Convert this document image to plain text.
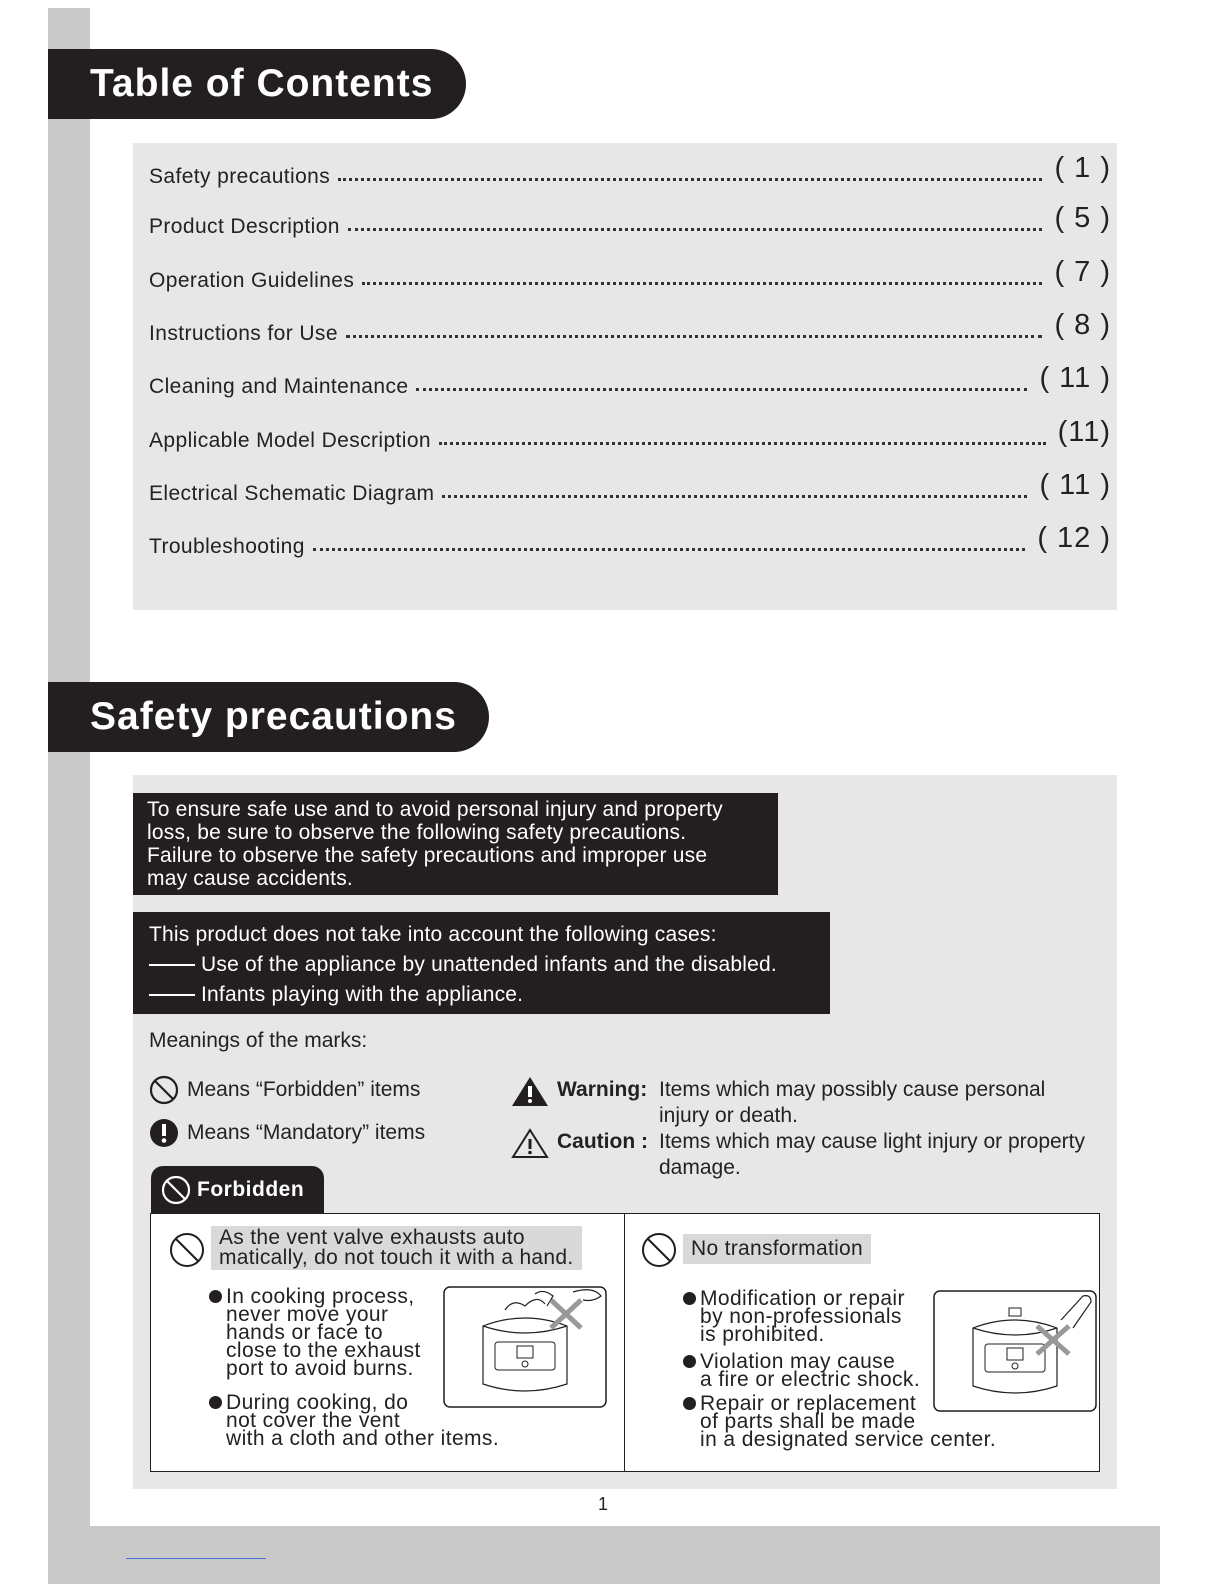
Table of Contents
Safety precautions	( 1 )
Product Description	( 5 )
Operation Guidelines	( 7 )
Instructions for Use	( 8 )
Cleaning and Maintenance	( 11 )
Applicable Model Description	(11)
Electrical Schematic Diagram	( 11 )
Troubleshooting	( 12 )
Safety precautions
To ensure safe use and to avoid personal injury and property
loss, be sure to observe the following safety precautions.
Failure to observe the safety precautions and improper use
may cause accidents.
This product does not take into account the following cases:
Use of the appliance by unattended infants and the disabled.
Infants playing with the appliance.
Meanings of the marks:
Means “Forbidden” items
Means “Mandatory” items
Warning: Items which may possibly cause personal injury or death.
Caution : Items which may cause light injury or property damage.
Forbidden
As the vent valve exhausts auto
matically, do not touch it with a hand.
In cooking process,
never move your
hands or face to
close to the exhaust
port to avoid burns.
During cooking, do
not cover the vent
with a cloth and other items.
No transformation
Modification or repair
by non-professionals
is prohibited.
Violation may cause
a fire or electric shock.
Repair or replacement
of parts shall be made
in a designated service center.
1
